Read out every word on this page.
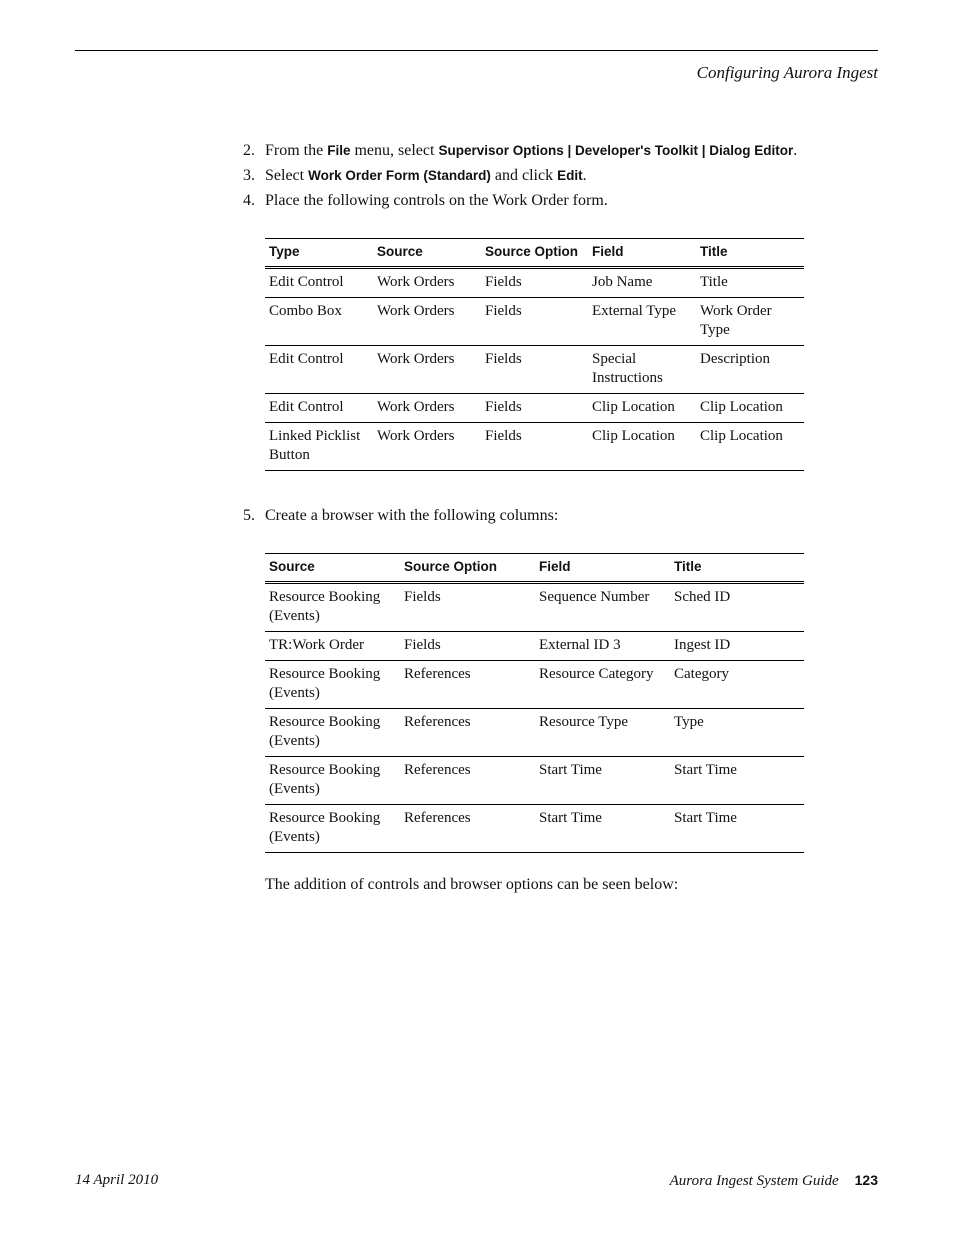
Configuring Aurora Ingest
2. From the File menu, select Supervisor Options | Developer's Toolkit | Dialog Editor.
3. Select Work Order Form (Standard) and click Edit.
4. Place the following controls on the Work Order form.
Type	Source	Source Option	Field	Title
Edit Control	Work Orders	Fields	Job Name	Title
Combo Box	Work Orders	Fields	External Type	Work Order Type
Edit Control	Work Orders	Fields	Special Instructions	Description
Edit Control	Work Orders	Fields	Clip Location	Clip Location
Linked Picklist Button	Work Orders	Fields	Clip Location	Clip Location
5. Create a browser with the following columns:
Source	Source Option	Field	Title
Resource Booking (Events)	Fields	Sequence Number	Sched ID
TR:Work Order	Fields	External ID 3	Ingest ID
Resource Booking (Events)	References	Resource Category	Category
Resource Booking (Events)	References	Resource Type	Type
Resource Booking (Events)	References	Start Time	Start Time
Resource Booking (Events)	References	Start Time	Start Time

The addition of controls and browser options can be seen below:

14 April 2010	Aurora Ingest System Guide 123
